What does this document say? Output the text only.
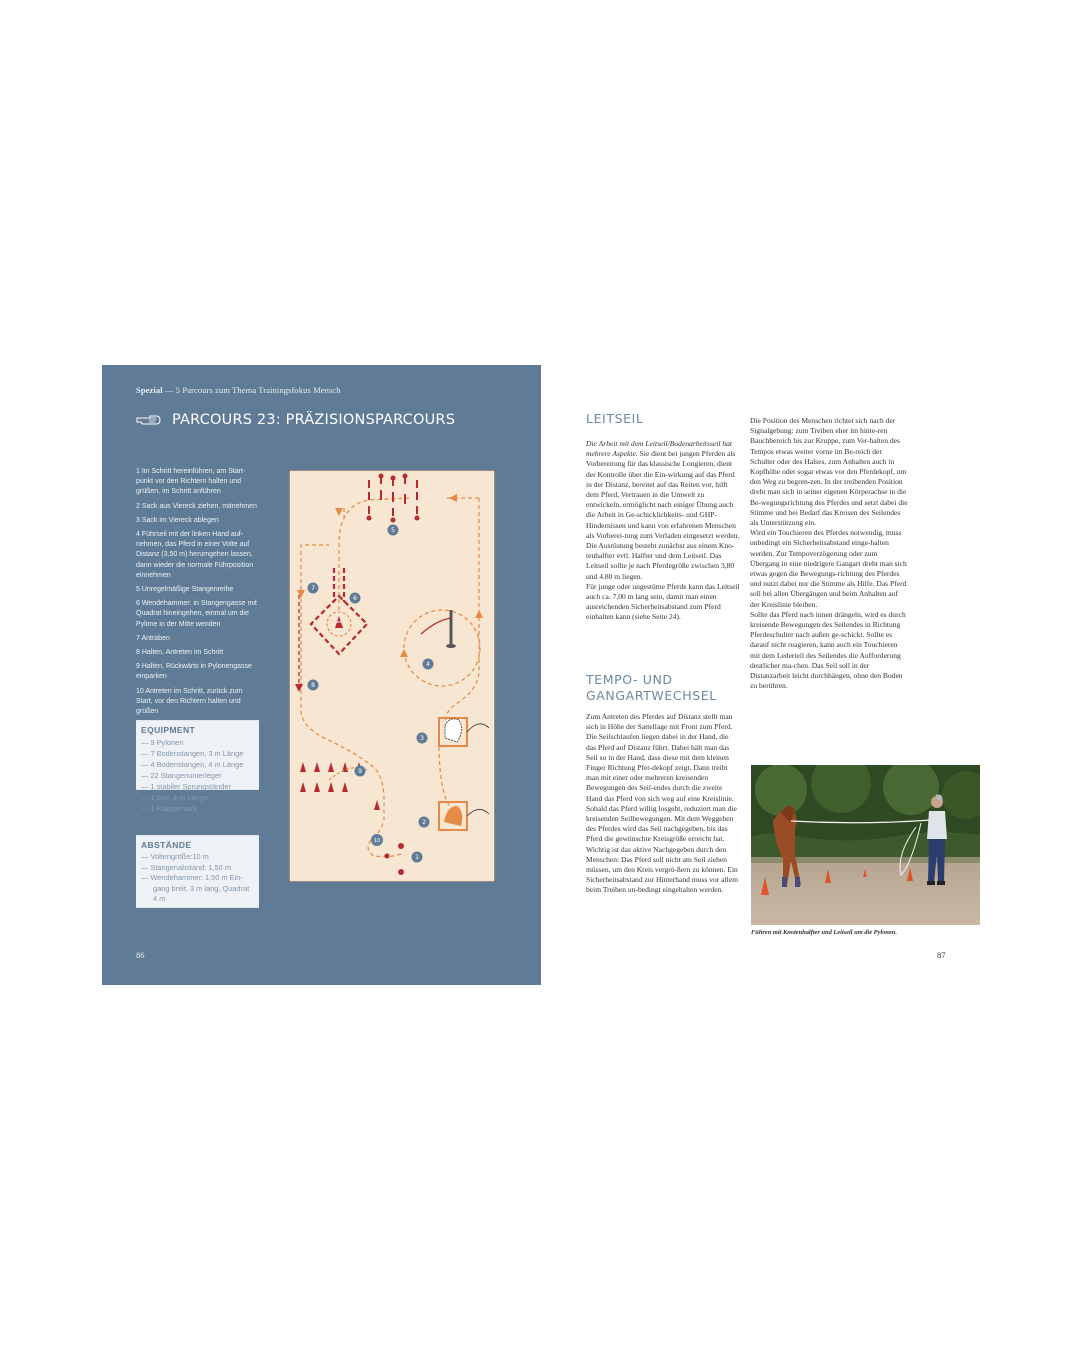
Spezial — 5 Parcours zum Thema Trainingsfokus Mensch
PARCOURS 23: PRÄZISIONSPARCOURS
1 Im Schritt hereinführen, am Start-punkt vor den Richtern halten und grüßen, im Schritt anführen
2 Sack aus Viereck ziehen, mitnehmen
3 Sack im Viereck ablegen
4 Führseil mit der linken Hand auf-nehmen, das Pferd in einer Volte auf Distanz (3,50 m) herumgehen lassen, dann wieder die normale Führposition einnehmen
5 Unregelmäßige Stangenreihe
6 Wendehammer: in Stangengasse mit Quadrat hineingehen, einmal um die Pylone in der Mitte wenden
7 Antraben
8 Halten, Antreten im Schritt
9 Halten, Rückwärts in Pylonengasse einparken
10 Antreten im Schritt, zurück zum Start, vor den Richtern halten und grüßen
EQUIPMENT
— 9 Pylonen
— 7 Bodenstangen, 3 m Länge
— 4 Bodenstangen, 4 m Länge
— 22 Stangenunterleger
— 1 stabiler Sprungständer
— 1 Seil, 4 m Länge
— 1 Klappersack
ABSTÄNDE
— Voltengröße:10 m
— Stangenabstand: 1,50 m
— Wendehammer: 1,50 m Ein-gang breit, 3 m lang, Quadrat 4 m
86
1
2
3
4
5
6
7
8
9
10
LEITSEIL

Die Arbeit mit dem Leitseil/Bodenarbeitsseil hat mehrere Aspekte. Sie dient bei jungen Pferden als Vorbereitung für das klassische Longieren, dient der Kontrolle über die Ein-wirkung auf das Pferd in der Distanz, bereitet auf das Reiten vor, hilft dem Pferd, Vertrauen in die Umwelt zu entwickeln, ermöglicht nach einiger Übung auch die Arbeit in Ge-schicklichkeits- und GHP-Hindernissen und kann von erfahrenen Menschen als Vorberei-tung zum Verladen eingesetzt werden. Die Ausrüstung besteht zunächst aus einem Kno-tenhalfter evtl. Halfter und dem Leitseil. Das Leitseil sollte je nach Pferdegröße zwischen 3,80 und 4.80 m liegen.

Für junge oder ungestüme Pferde kann das Leitseil auch ca. 7,00 m lang sein, damit man einen ausreichenden Sicherheitsabstand zum Pferd einhalten kann (siehe Seite 24).

TEMPO- UND
GANGARTWECHSEL

Zum Antreten des Pferdes auf Distanz stellt man sich in Höhe der Sattellage mit Front zum Pferd. Die Seilschlaufen liegen dabei in der Hand, die das Pferd auf Distanz führt. Dabei hält man das Seil so in der Hand, dass diese mit dem kleinen Finger Richtung Pfer-dekopf zeigt. Dann treibt man mit einer oder mehreren kreisenden Bewegungen des Seil-endes durch die zweite Hand das Pferd von sich weg auf eine Kreislinie. Sobald das Pferd willig losgeht, reduziert man die kreisenden Seilbewegungen. Mit dem Weggehen des Pferdes wird das Seil nachgegeben, bis das Pferd die gewünschte Kreisgröße erreicht hat. Wichtig ist das aktive Nachgegeben durch den Menschen: Das Pferd soll nicht am Seil ziehen müssen, um den Kreis vergrö-ßern zu können. Ein Sicherheitsabstand zur Hinterhand muss vor allem beim Treiben un-bedingt eingehalten werden.

Die Position des Menschen richtet sich nach der Signalgebung: zum Treiben eher im hinte-ren Bauchbereich bis zur Kruppe, zum Ver-halten des Tempos etwas weiter vorne im Be-reich der Schulter oder des Halses, zum Anhalten auch in Kopfhöhe oder sogar etwas vor den Pferdekopf, um den Weg zu begren-zen. In der treibenden Position dreht man sich in seiner eigenen Körperachse in die Be-wegungsrichtung des Pferdes und setzt dabei die Stimme und bei Bedarf das Kreisen des Seilendes als Unterstützung ein.

Wird ein Touchieren des Pferdes notwendig, muss unbedingt ein Sicherheitsabstand einge-halten werden. Zur Tempoverzögerung oder zum Übergang in eine niedrigere Gangart dreht man sich etwas gegen die Bewegungs-richtung des Pferdes und nutzt dabei nur die Stimme als Hilfe. Das Pferd soll bei allen Übergängen und beim Anhalten auf der Kreislinie bleiben.

Sollte das Pferd nach innen drängeln, wird es durch kreisende Bewegungen des Seilendes in Richtung Pferdeschulter nach außen ge-schickt. Sollte es darauf nicht reagieren, kann auch ein Touchieren mit dem Lederteil des Seilendes die Aufforderung deutlicher ma-chen. Das Seil soll in der Distanzarbeit leicht durchhängen, ohne den Boden zu berühren.

Führen mit Knotenhalfter und Leitseil um die Pylonen.
87
